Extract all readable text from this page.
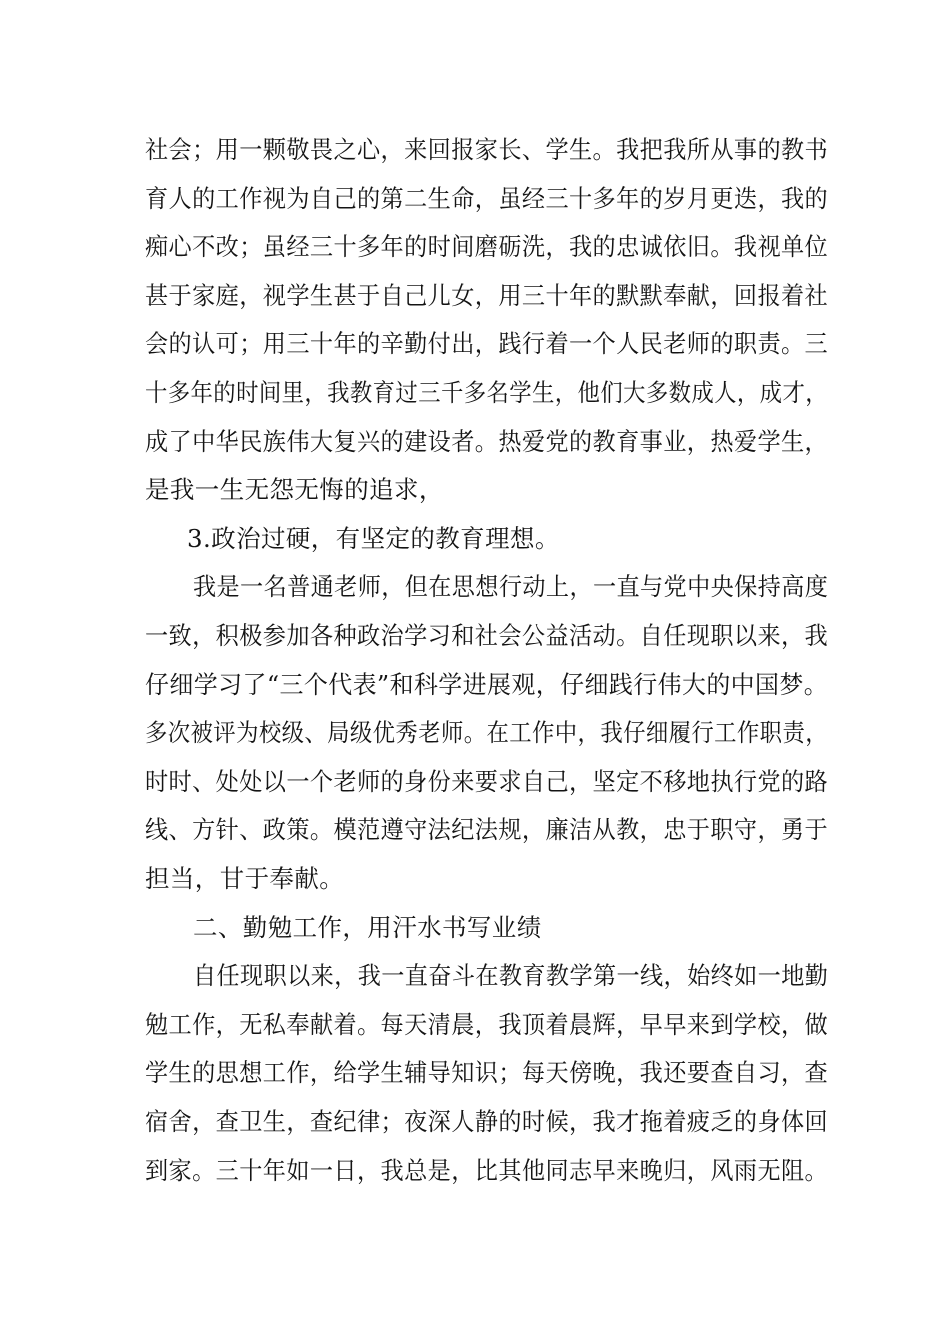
社会；用一颗敬畏之心，来回报家长、学生。我把我所从事的教书
育人的工作视为自己的第二生命，虽经三十多年的岁月更迭，我的
痴心不改；虽经三十多年的时间磨砺洗，我的忠诚依旧。我视单位
甚于家庭，视学生甚于自己儿女，用三十年的默默奉献，回报着社
会的认可；用三十年的辛勤付出，践行着一个人民老师的职责。三
十多年的时间里，我教育过三千多名学生，他们大多数成人，成才，
成了中华民族伟大复兴的建设者。热爱党的教育事业，热爱学生，
是我一生无怨无悔的追求，
3.政治过硬，有坚定的教育理想。
我是一名普通老师，但在思想行动上，一直与党中央保持高度
一致，积极参加各种政治学习和社会公益活动。自任现职以来，我
仔细学习了“三个代表”和科学进展观，仔细践行伟大的中国梦。
多次被评为校级、局级优秀老师。在工作中，我仔细履行工作职责，
时时、处处以一个老师的身份来要求自己，坚定不移地执行党的路
线、方针、政策。模范遵守法纪法规，廉洁从教，忠于职守，勇于
担当，甘于奉献。
二、勤勉工作，用汗水书写业绩
自任现职以来，我一直奋斗在教育教学第一线，始终如一地勤
勉工作，无私奉献着。每天清晨，我顶着晨辉，早早来到学校，做
学生的思想工作，给学生辅导知识；每天傍晚，我还要查自习，查
宿舍，查卫生，查纪律；夜深人静的时候，我才拖着疲乏的身体回
到家。三十年如一日，我总是，比其他同志早来晚归，风雨无阻。
